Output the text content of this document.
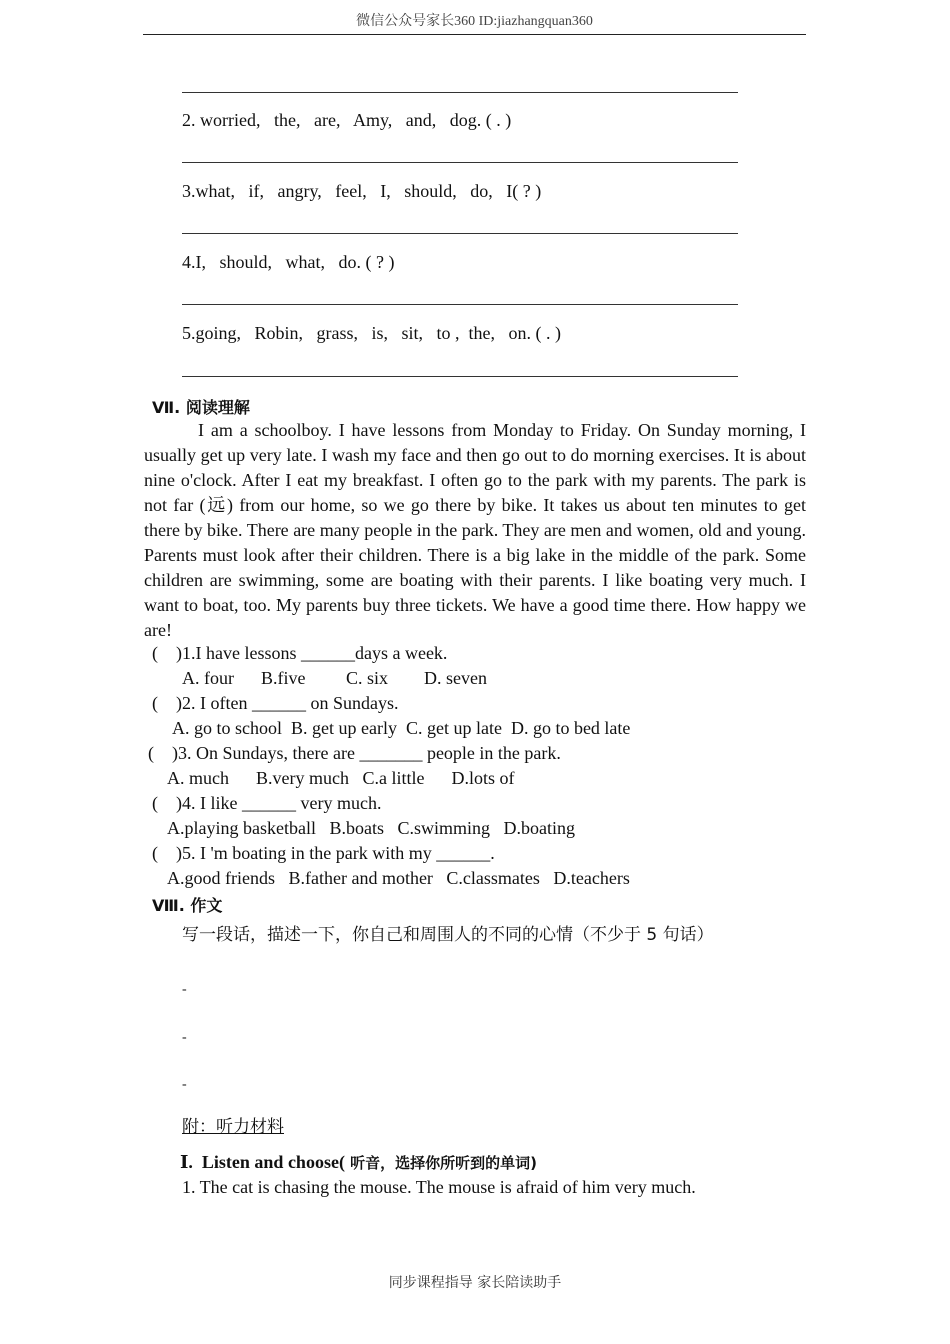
微信公众号家长360 ID:jiazhangquan360
2. worried,   the,   are,   Amy,   and,   dog. ( . )
3.what,   if,   angry,   feel,   I,   should,   do,   I( ? )
4.I,   should,   what,   do. ( ? )
5.going,   Robin,   grass,   is,   sit,   to ,  the,   on. ( . )
Ⅶ. 阅读理解
I am a schoolboy. I have lessons from Monday to Friday. On Sunday morning, I usually get up very late. I wash my face and then go out to do morning exercises. It is about nine o'clock. After I eat my breakfast. I often go to the park with my parents. The park is not far (远) from our home, so we go there by bike. It takes us about ten minutes to get there by bike. There are many people in the park. They are men and women, old and young. Parents must look after their children. There is a big lake in the middle of the park. Some children are swimming, some are boating with their parents. I like boating very much. I want to boat, too. My parents buy three tickets. We have a good time there. How happy we are!
(    )1.I have lessons ______days a week.
A. four      B.five         C. six        D. seven
(    )2. I often ______ on Sundays.
A. go to school  B. get up early  C. get up late  D. go to bed late
(    )3. On Sundays, there are _______ people in the park.
A. much      B.very much   C.a little      D.lots of
(    )4. I like ______ very much.
A.playing basketball   B.boats   C.swimming   D.boating
(    )5. I 'm boating in the park with my ______.
A.good friends   B.father and mother   C.classmates   D.teachers
Ⅷ. 作文
写一段话，描述一下，你自己和周围人的不同的心情（不少于 5 句话）
-
-
-
附：听力材料
Ⅰ.  Listen and choose( 听音，选择你所听到的单词)
1. The cat is chasing the mouse. The mouse is afraid of him very much.
同步课程指导 家长陪读助手
